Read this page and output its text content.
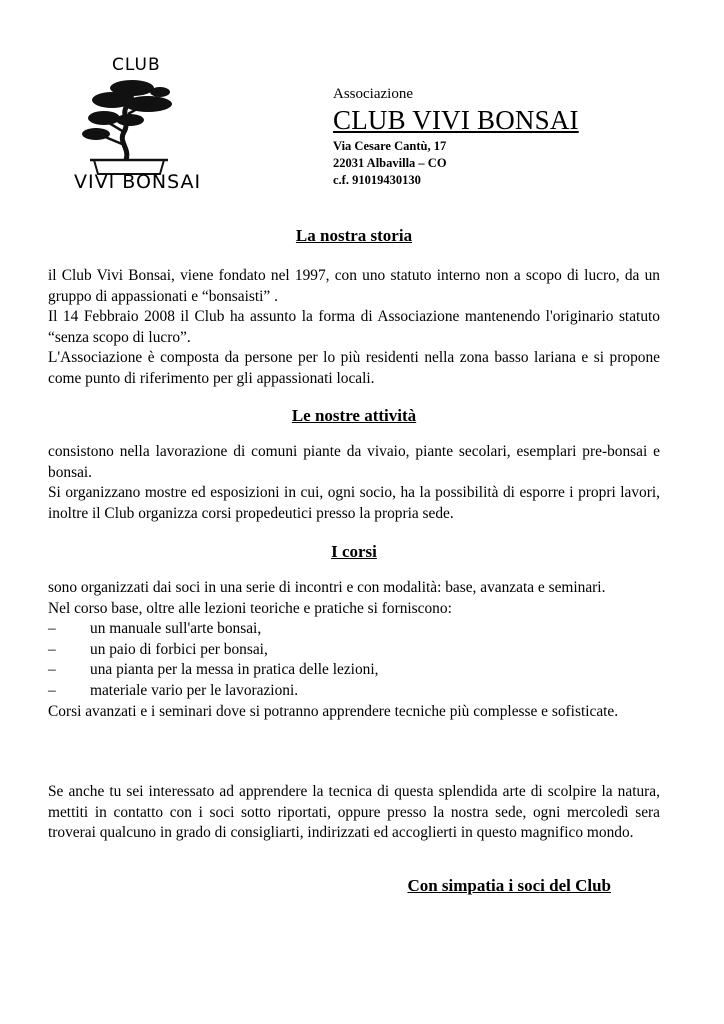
CLUB
VIVI BONSAI
Associazione
CLUB VIVI BONSAI
Via Cesare Cantù, 17
22031 Albavilla – CO
c.f. 91019430130
La nostra storia

il Club Vivi Bonsai, viene fondato nel 1997, con uno statuto interno non a scopo di lucro, da un gruppo di appassionati e “bonsaisti” .

Il 14 Febbraio 2008 il Club ha assunto la forma di Associazione mantenendo l'originario statuto “senza scopo di lucro”.

L'Associazione è composta da persone per lo più residenti nella zona basso lariana e si propone come punto di riferimento per gli appassionati locali.

Le nostre attività

consistono nella lavorazione di comuni piante da vivaio, piante secolari, esemplari pre-bonsai e bonsai.

Si organizzano mostre ed esposizioni in cui, ogni socio, ha la possibilità di esporre i propri lavori, inoltre il Club organizza corsi propedeutici presso la propria sede.

I corsi

sono organizzati dai soci in una serie di incontri e con modalità: base, avanzata e seminari.

Nel corso base, oltre alle lezioni teoriche e pratiche si forniscono:

–	un manuale sull'arte bonsai,
–	un paio di forbici per bonsai,
–	una pianta per la messa in pratica delle lezioni,
–	materiale vario per le lavorazioni.

Corsi avanzati e i seminari dove si potranno apprendere tecniche più complesse e sofisticate.

Se anche tu sei interessato ad apprendere la tecnica di questa splendida arte di scolpire la natura, mettiti in contatto con i soci sotto riportati, oppure presso la nostra sede, ogni mercoledì sera troverai qualcuno in grado di consigliarti, indirizzati ed accoglierti in questo magnifico mondo.

Con simpatia i soci del Club
